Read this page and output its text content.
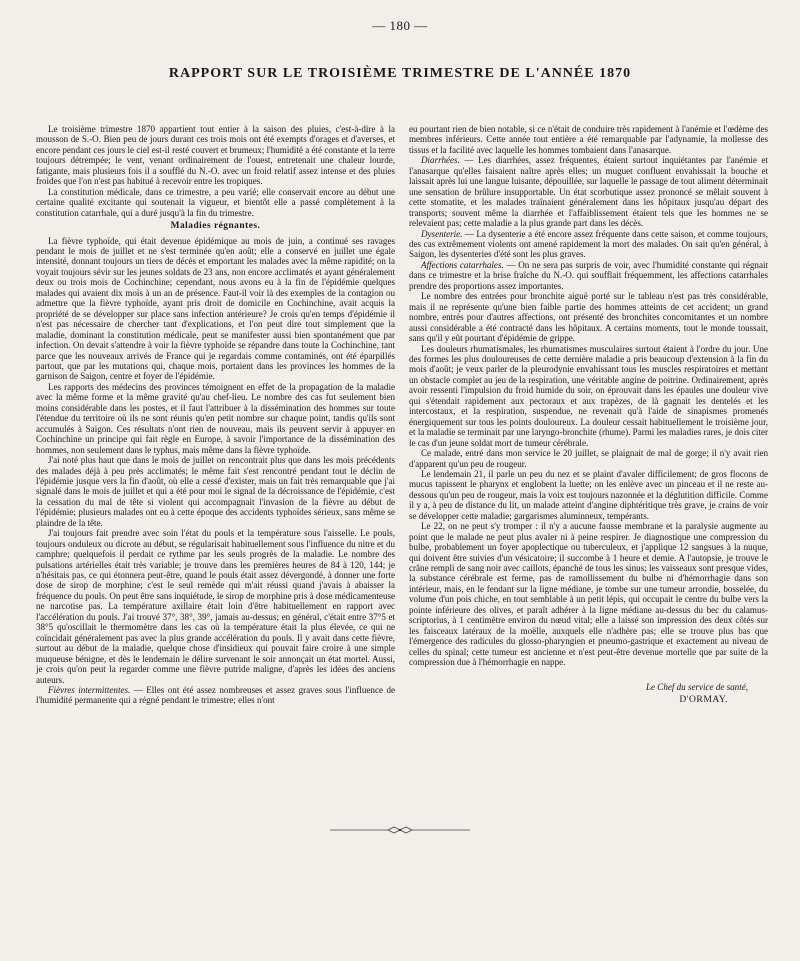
— 180 —
RAPPORT SUR LE TROISIÈME TRIMESTRE DE L'ANNÉE 1870

Le troisième trimestre 1870 appartient tout entier à la saison des pluies, c'est-à-dire à la mousson de S.-O. Bien peu de jours durant ces trois mois ont été exempts d'orages et d'averses, et encore pendant ces jours le ciel est-il resté couvert et brumeux; l'humidité a été constante et la terre toujours détrempée; le vent, venant ordinairement de l'ouest, entretenait une chaleur lourde, fatigante, mais plusieurs fois il a soufflé du N.-O. avec un froid relatif assez intense et des pluies froides que l'on n'est pas habitué à recevoir entre les tropiques.

La constitution médicale, dans ce trimestre, a peu varié; elle conservait encore au début une certaine qualité excitante qui soutenait la vigueur, et bientôt elle a passé complètement à la constitution catarrhale, qui a duré jusqu'à la fin du trimestre.

Maladies régnantes.

La fièvre typhoïde, qui était devenue épidémique au mois de juin, a continué ses ravages pendant le mois de juillet et ne s'est terminée qu'en août; elle a conservé en juillet une égale intensité, donnant toujours un tiers de décès et emportant les malades avec la même rapidité; on la voyait toujours sévir sur les jeunes soldats de 23 ans, non encore acclimatés et ayant généralement deux ou trois mois de Cochinchine; cependant, nous avons eu à la fin de l'épidémie quelques malades qui avaient dix mois à un an de présence. Faut-il voir là des exemples de la contagion ou admettre que la fièvre typhoïde, ayant pris droit de domicile en Cochinchine, avait acquis la propriété de se développer sur place sans infection antérieure? Je crois qu'en temps d'épidémie il n'est pas nécessaire de chercher tant d'explications, et l'on peut dire tout simplement que la maladie, dominant la constitution médicale, peut se manifester aussi bien spontanément que par infection. On devait s'attendre à voir la fièvre typhoïde se répandre dans toute la Cochinchine, tant parce que les nouveaux arrivés de France qui je regardais comme contaminés, ont été éparpillés partout, que par les mutations qui, chaque mois, portaient dans les provinces les hommes de la garnison de Saigon, centre et foyer de l'épidémie.

Les rapports des médecins des provinces témoignent en effet de la propagation de la maladie avec la même forme et la même gravité qu'au chef-lieu. Le nombre des cas fut seulement bien moins considérable dans les postes, et il faut l'attribuer à la dissémination des hommes sur toute l'étendue du territoire où ils ne sont réunis qu'en petit nombre sur chaque point, tandis qu'ils sont accumulés à Saigon. Ces résultats n'ont rien de nouveau, mais ils peuvent servir à appuyer en Cochinchine un principe qui fait règle en Europe, à savoir l'importance de la dissémination des hommes, non seulement dans le typhus, mais même dans la fièvre typhoïde.

J'ai noté plus haut que dans le mois de juillet on rencontrait plus que dans les mois précédents des malades déjà à peu près acclimatés; le même fait s'est rencontré pendant tout le déclin de l'épidémie jusque vers la fin d'août, où elle a cessé d'exister, mais un fait très remarquable que j'ai signalé dans le mois de juillet et qui a été pour moi le signal de la décroissance de l'épidémie, c'est la cessation du mal de tête si violent qui accompagnait l'invasion de la fièvre au début de l'épidémie; plusieurs malades ont eu à cette époque des accidents typhoïdes sérieux, sans même se plaindre de la tête.

J'ai toujours fait prendre avec soin l'état du pouls et la température sous l'aisselle. Le pouls, toujours onduleux ou dicrote au début, se régularisait habituellement sous l'influence du nitre et du camphre; quelquefois il perdait ce rythme par les seuls progrès de la maladie. Le nombre des pulsations artérielles était très variable; je trouve dans les premières heures de 84 à 120, 144; je n'hésitais pas, ce qui étonnera peut-être, quand le pouls était assez dévergondé, à donner une forte dose de sirop de morphine; c'est le seul remède qui m'ait réussi quand j'avais à abaisser la fréquence du pouls. On peut être sans inquiétude, le sirop de morphine pris à dose médicamenteuse ne narcotise pas. La température axillaire était loin d'être habituellement en rapport avec l'accélération du pouls. J'ai trouvé 37°, 38°, 39°, jamais au-dessus; en général, c'était entre 37°5 et 38°5 qu'oscillait le thermomètre dans les cas où la température était la plus élevée, ce qui ne coïncidait généralement pas avec la plus grande accélération du pouls. Il y avait dans cette fièvre, surtout au début de la maladie, quelque chose d'insidieux qui pouvait faire croire à une simple muqueuse bénigne, et dès le lendemain le délire survenant le soir annonçait un état mortel. Aussi, je crois qu'on peut la regarder comme une fièvre putride maligne, d'après les idées des anciens auteurs.

Fièvres intermittentes. — Elles ont été assez nombreuses et assez graves sous l'influence de l'humidité permanente qui a régné pendant le trimestre; elles n'ont

eu pourtant rien de bien notable, si ce n'était de conduire très rapidement à l'anémie et l'œdème des membres inférieurs. Cette année tout entière a été remarquable par l'adynamie, la mollesse des tissus et la facilité avec laquelle les hommes tombaient dans l'anasarque.

Diarrhées. — Les diarrhées, assez fréquentes, étaient surtout inquiétantes par l'anémie et l'anasarque qu'elles faisaient naître après elles; un muguet confluent envahissait la bouche et laissait après lui une langue luisante, dépouillée, sur laquelle le passage de tout aliment déterminait une sensation de brûlure insupportable. Un état scorbutique assez prononcé se mêlait souvent à cette stomatite, et les malades traînaient généralement dans les hôpitaux jusqu'au départ des transports; souvent même la diarrhée et l'affaiblissement étaient tels que les hommes ne se relevaient pas; cette maladie a la plus grande part dans les décès.

Dysenterie. — La dysenterie a été encore assez fréquente dans cette saison, et comme toujours, des cas extrêmement violents ont amené rapidement la mort des malades. On sait qu'en général, à Saigon, les dysenteries d'été sont les plus graves.

Affections catarrhales. — On ne sera pas surpris de voir, avec l'humidité constante qui régnait dans ce trimestre et la brise fraîche du N.-O. qui soufflait fréquemment, les affections catarrhales prendre des proportions assez importantes.

Le nombre des entrées pour bronchite aiguë porté sur le tableau n'est pas très considérable, mais il ne représente qu'une bien faible partie des hommes atteints de cet accident; un grand nombre, entrés pour d'autres affections, ont présenté des bronchites concomitantes et un nombre aussi considérable a été contracté dans les hôpitaux. A certains moments, tout le monde toussait, sans qu'il y eût pourtant d'épidémie de grippe.

Les douleurs rhumatismales, les rhumatismes musculaires surtout étaient à l'ordre du jour. Une des formes les plus douloureuses de cette dernière maladie a pris beaucoup d'extension à la fin du mois d'août; je veux parler de la pleurodynie envahissant tous les muscles respiratoires et mettant un obstacle complet au jeu de la respiration, une véritable angine de poitrine. Ordinairement, après avoir ressenti l'impulsion du froid humide du soir, on éprouvait dans les épaules une douleur vive qui s'étendait rapidement aux pectoraux et aux trapèzes, de là gagnait les dentelés et les intercostaux, et la respiration, suspendue, ne revenait qu'à l'aide de sinapismes promenés énergiquement sur tous les points douloureux. La douleur cessait habituellement le troisième jour, et la maladie se terminait par une laryngo-bronchite (rhume). Parmi les maladies rares, je dois citer le cas d'un jeune soldat mort de tumeur cérébrale.

Ce malade, entré dans mon service le 20 juillet, se plaignait de mal de gorge; il n'y avait rien d'apparent qu'un peu de rougeur.

Le lendemain 21, il parle un peu du nez et se plaint d'avaler difficilement; de gros flocons de mucus tapissent le pharynx et englobent la luette; on les enlève avec un pinceau et il ne reste au-dessous qu'un peu de rougeur, mais la voix est toujours nazonnée et la déglutition difficile. Comme il y a, à peu de distance du lit, un malade atteint d'angine diphtéritique très grave, je crains de voir se développer cette maladie; gargarismes aluminneux, tempérants.

Le 22, on ne peut s'y tromper : il n'y a aucune fausse membrane et la paralysie augmente au point que le malade ne peut plus avaler ni à peine respirer. Je diagnostique une compression du bulbe, probablement un foyer apoplectique ou tuberculeux, et j'applique 12 sangsues à la nuque, qui doivent être suivies d'un vésicatoire; il succombe à 1 heure et demie. A l'autopsie, je trouve le crâne rempli de sang noir avec caillots, épanché de tous les sinus; les vaisseaux sont presque vides, la substance cérébrale est ferme, pas de ramollissement du bulbe ni d'hémorrhagie dans son intérieur, mais, en le fendant sur la ligne médiane, je tombe sur une tumeur arrondie, bosselée, du volume d'un pois chiche, en tout semblable à un petit lépis, qui occupait le centre du bulbe vers la pointe inférieure des olives, et paraît adhérer à la ligne médiane au-dessus du bec du calamus-scriptorius, à 1 centimètre environ du nœud vital; elle a laissé son impression des deux côtés sur les faisceaux latéraux de la moëlle, auxquels elle n'adhère pas; elle se trouve plus bas que l'émergence des radicules du glosso-pharyngien et pneumo-gastrique et exactement au niveau de celles du spinal; cette tumeur est ancienne et n'est peut-être devenue mortelle que par suite de la compression due à l'hémorrhagie en nappe.

Le Chef du service de santé,
D'ORMAY.
